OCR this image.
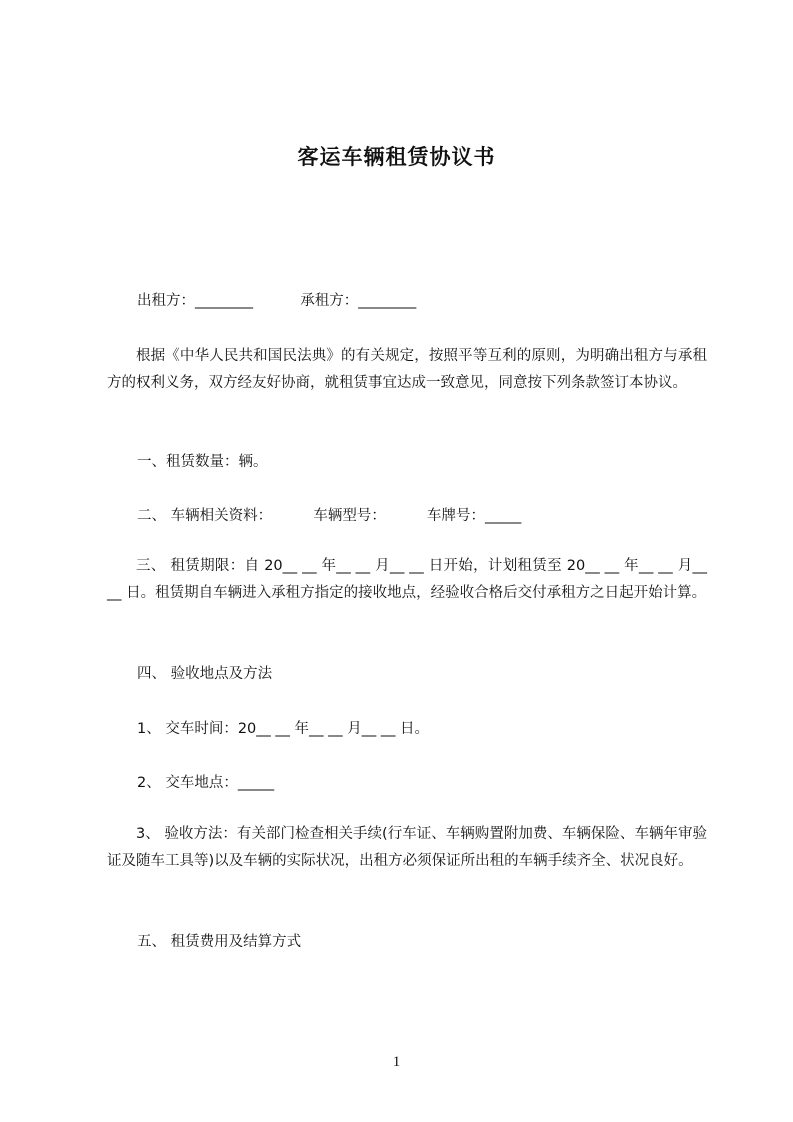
客运车辆租赁协议书
出租方：________	承租方：________
根据《中华人民共和国民法典》的有关规定，按照平等互利的原则，为明确出租方与承租方的权利义务，双方经友好协商，就租赁事宜达成一致意见，同意按下列条款签订本协议。
一、租赁数量：辆。
二、 车辆相关资料：	车辆型号：	车牌号：_____
三、 租赁期限：自 20__ __ 年__ __ 月__ __ 日开始，计划租赁至 20__ __ 年__ __ 月__ __ 日。租赁期自车辆进入承租方指定的接收地点，经验收合格后交付承租方之日起开始计算。
四、 验收地点及方法
1、 交车时间：20__ __ 年__ __ 月__ __ 日。
2、 交车地点：_____
3、 验收方法：有关部门检查相关手续(行车证、车辆购置附加费、车辆保险、车辆年审验证及随车工具等)以及车辆的实际状况，出租方必须保证所出租的车辆手续齐全、状况良好。
五、 租赁费用及结算方式
1
